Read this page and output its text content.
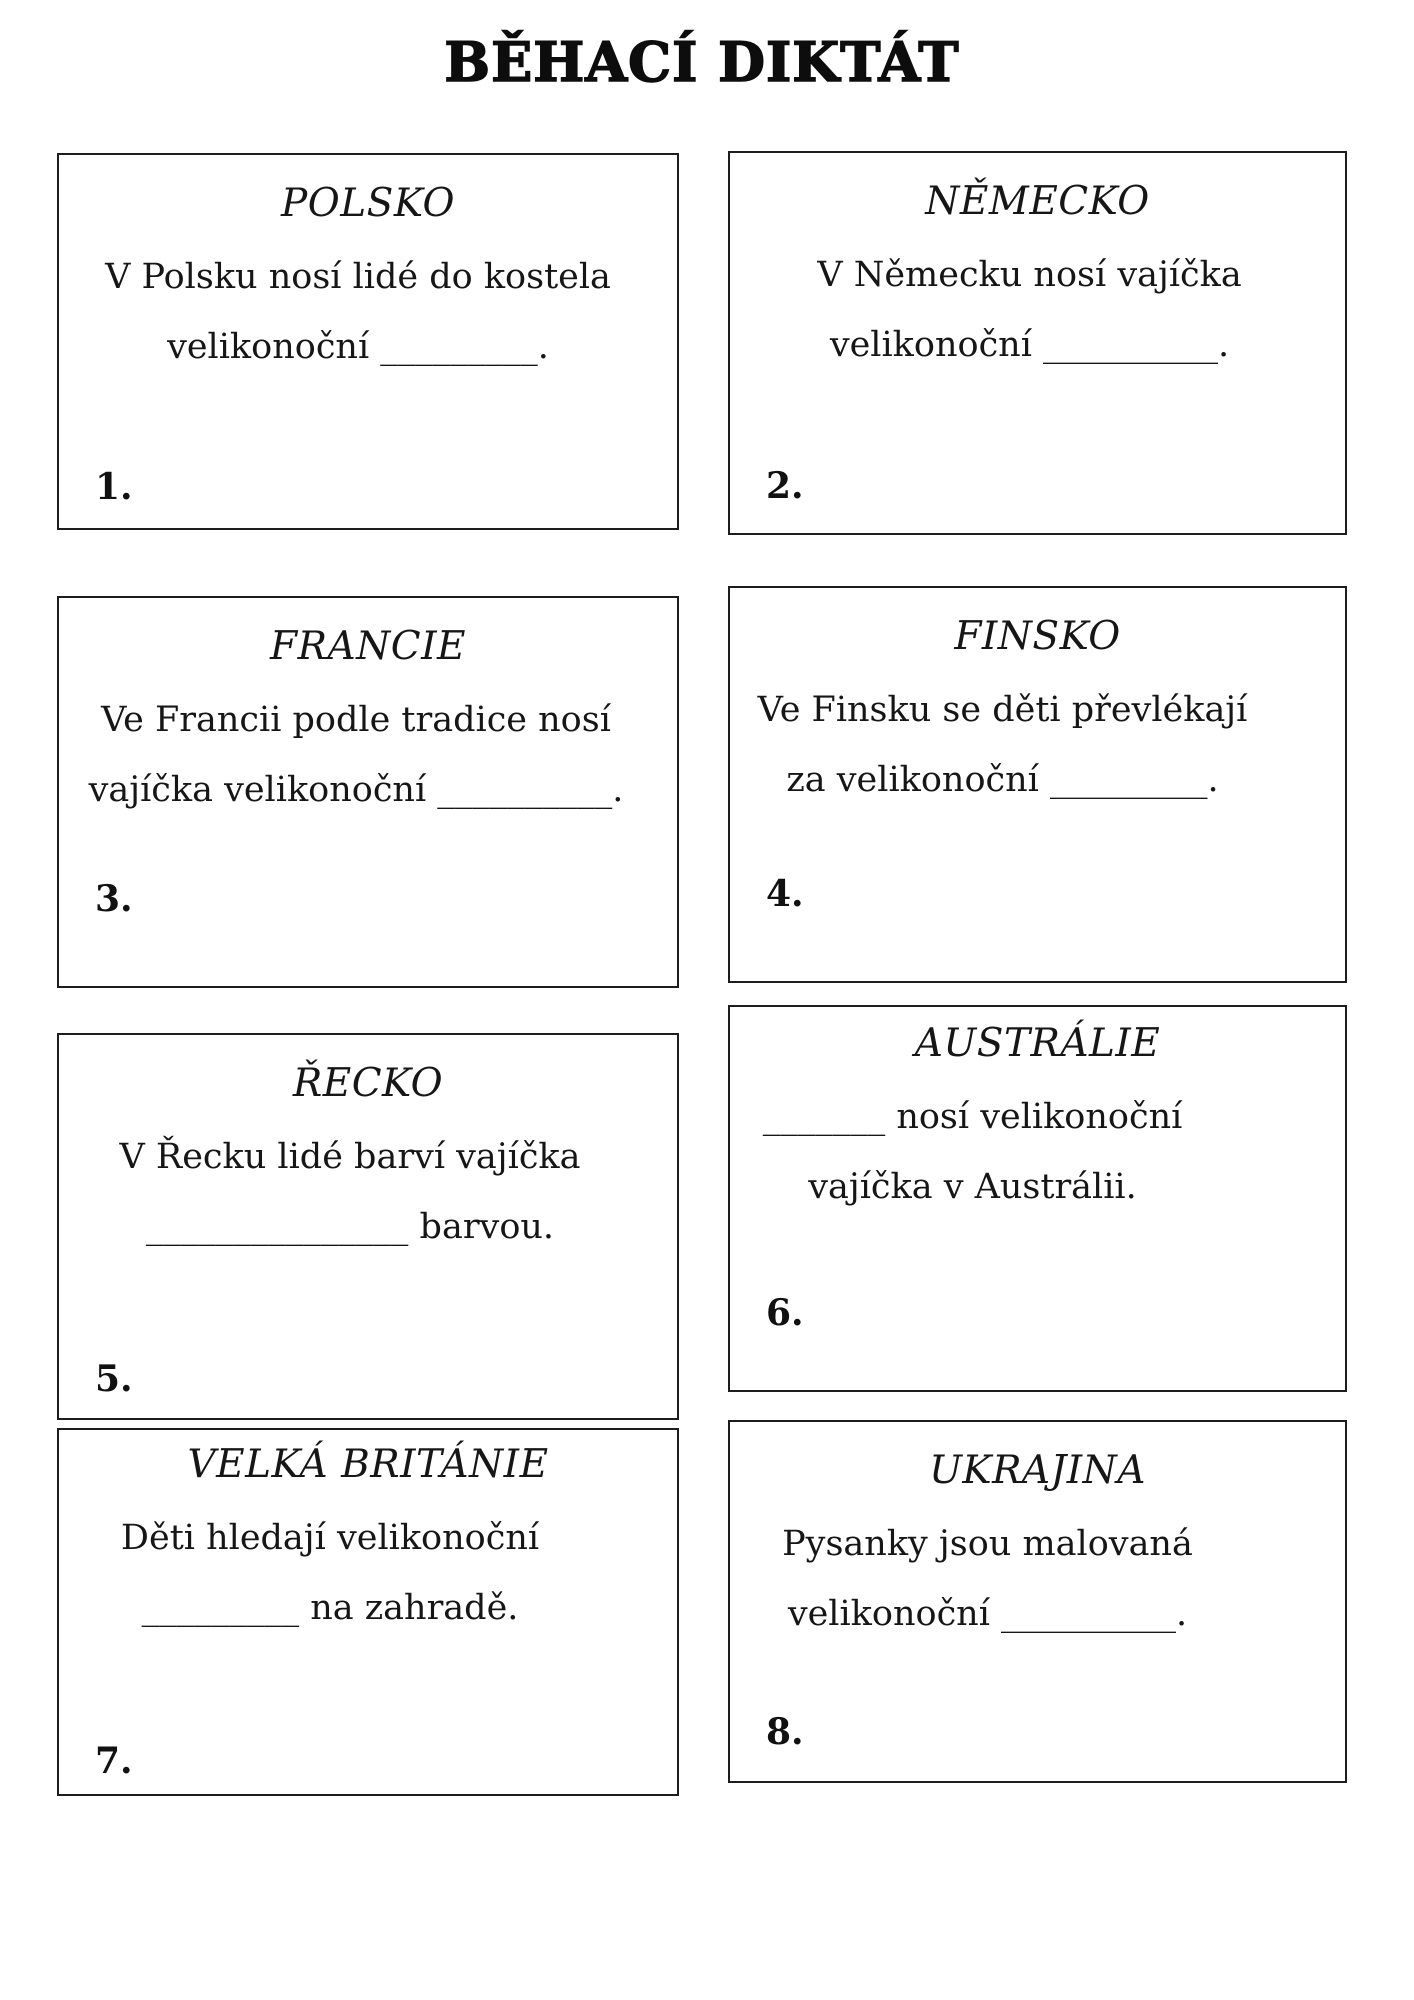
BĚHACÍ DIKTÁT
POLSKO
V Polsku nosí lidé do kostela
velikonoční _________.
1.
NĚMECKO
V Německu nosí vajíčka
velikonoční __________.
2.
FRANCIE
Ve Francii podle tradice nosí
vajíčka velikonoční __________.
3.
FINSKO
Ve Finsku se děti převlékají
za velikonoční _________.
4.
ŘECKO
V Řecku lidé barví vajíčka
_______________ barvou.
5.
AUSTRÁLIE
_______ nosí velikonoční
vajíčka v Austrálii.
6.
VELKÁ BRITÁNIE
Děti hledají velikonoční
_________ na zahradě.
7.
UKRAJINA
Pysanky jsou malovaná
velikonoční __________.
8.
